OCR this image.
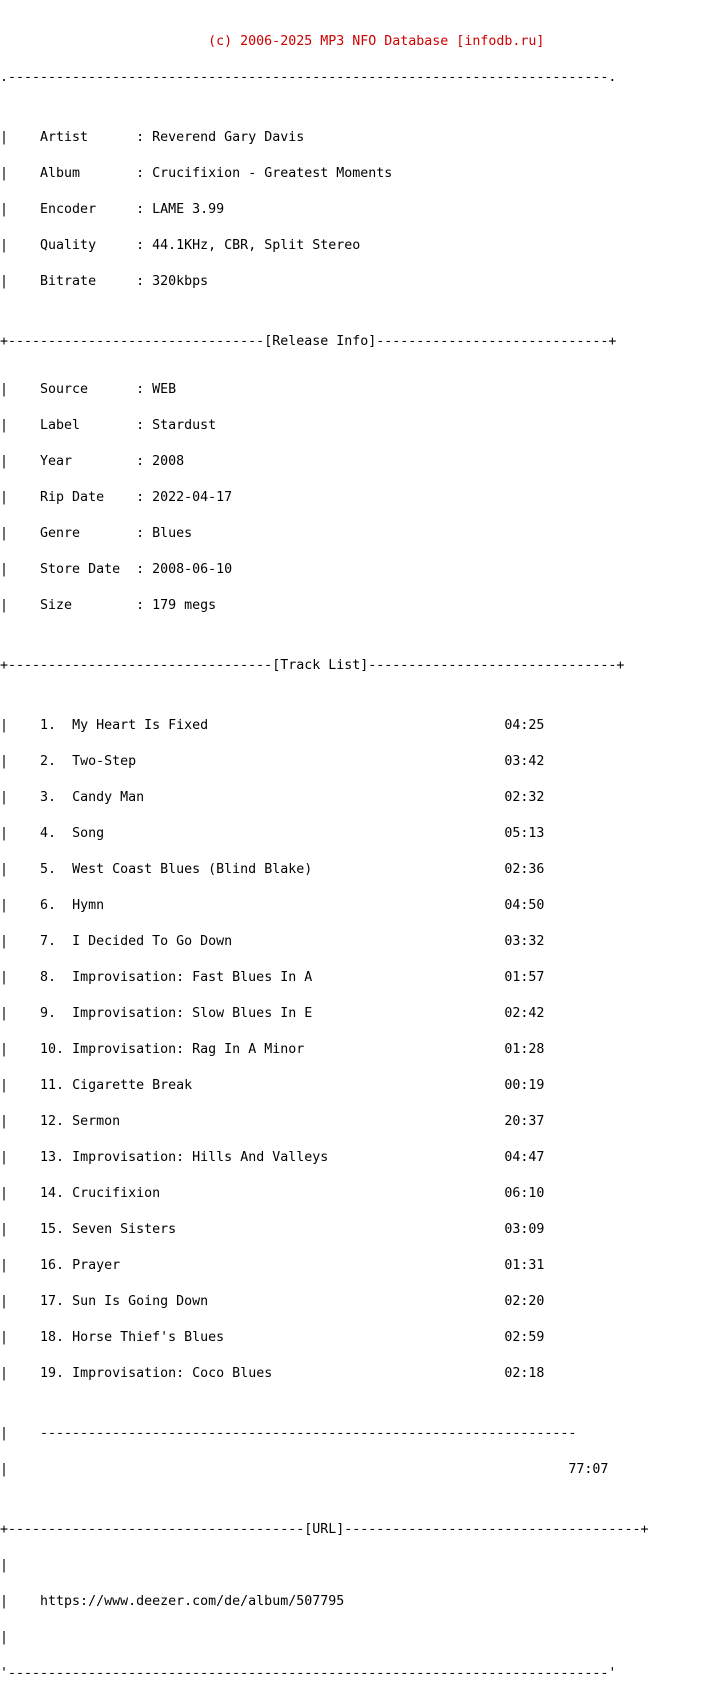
(c) 2006-2025 MP3 NFO Database [infodb.ru]

.---------------------------------------------------------------------------.

|    Artist      : Reverend Gary Davis

|    Album       : Crucifixion - Greatest Moments

|    Encoder     : LAME 3.99

|    Quality     : 44.1KHz, CBR, Split Stereo

|    Bitrate     : 320kbps

+--------------------------------[Release Info]-----------------------------+

|    Source      : WEB

|    Label       : Stardust

|    Year        : 2008

|    Rip Date    : 2022-04-17

|    Genre       : Blues

|    Store Date  : 2008-06-10

|    Size        : 179 megs

+---------------------------------[Track List]-------------------------------+

|    1. My Heart Is Fixed	04:25

|    2. Two-Step	03:42

|    3. Candy Man	02:32

|    4. Song	05:13

|    5. West Coast Blues (Blind Blake)	02:36

|    6. Hymn	04:50

|    7. I Decided To Go Down	03:32

|    8. Improvisation: Fast Blues In A	01:57

|    9. Improvisation: Slow Blues In E	02:42

|    10. Improvisation: Rag In A Minor	01:28

|    11. Cigarette Break	00:19

|    12. Sermon	20:37

|    13. Improvisation: Hills And Valleys	04:47

|    14. Crucifixion	06:10

|    15. Seven Sisters	03:09

|    16. Prayer	01:31

|    17. Sun Is Going Down	02:20

|    18. Horse Thief's Blues	02:59

|    19. Improvisation: Coco Blues	02:18

|    -------------------------------------------------------------------

|                                                                      77:07

+-------------------------------------[URL]-------------------------------------+

|

|    https://www.deezer.com/de/album/507795

|

'---------------------------------------------------------------------------'
